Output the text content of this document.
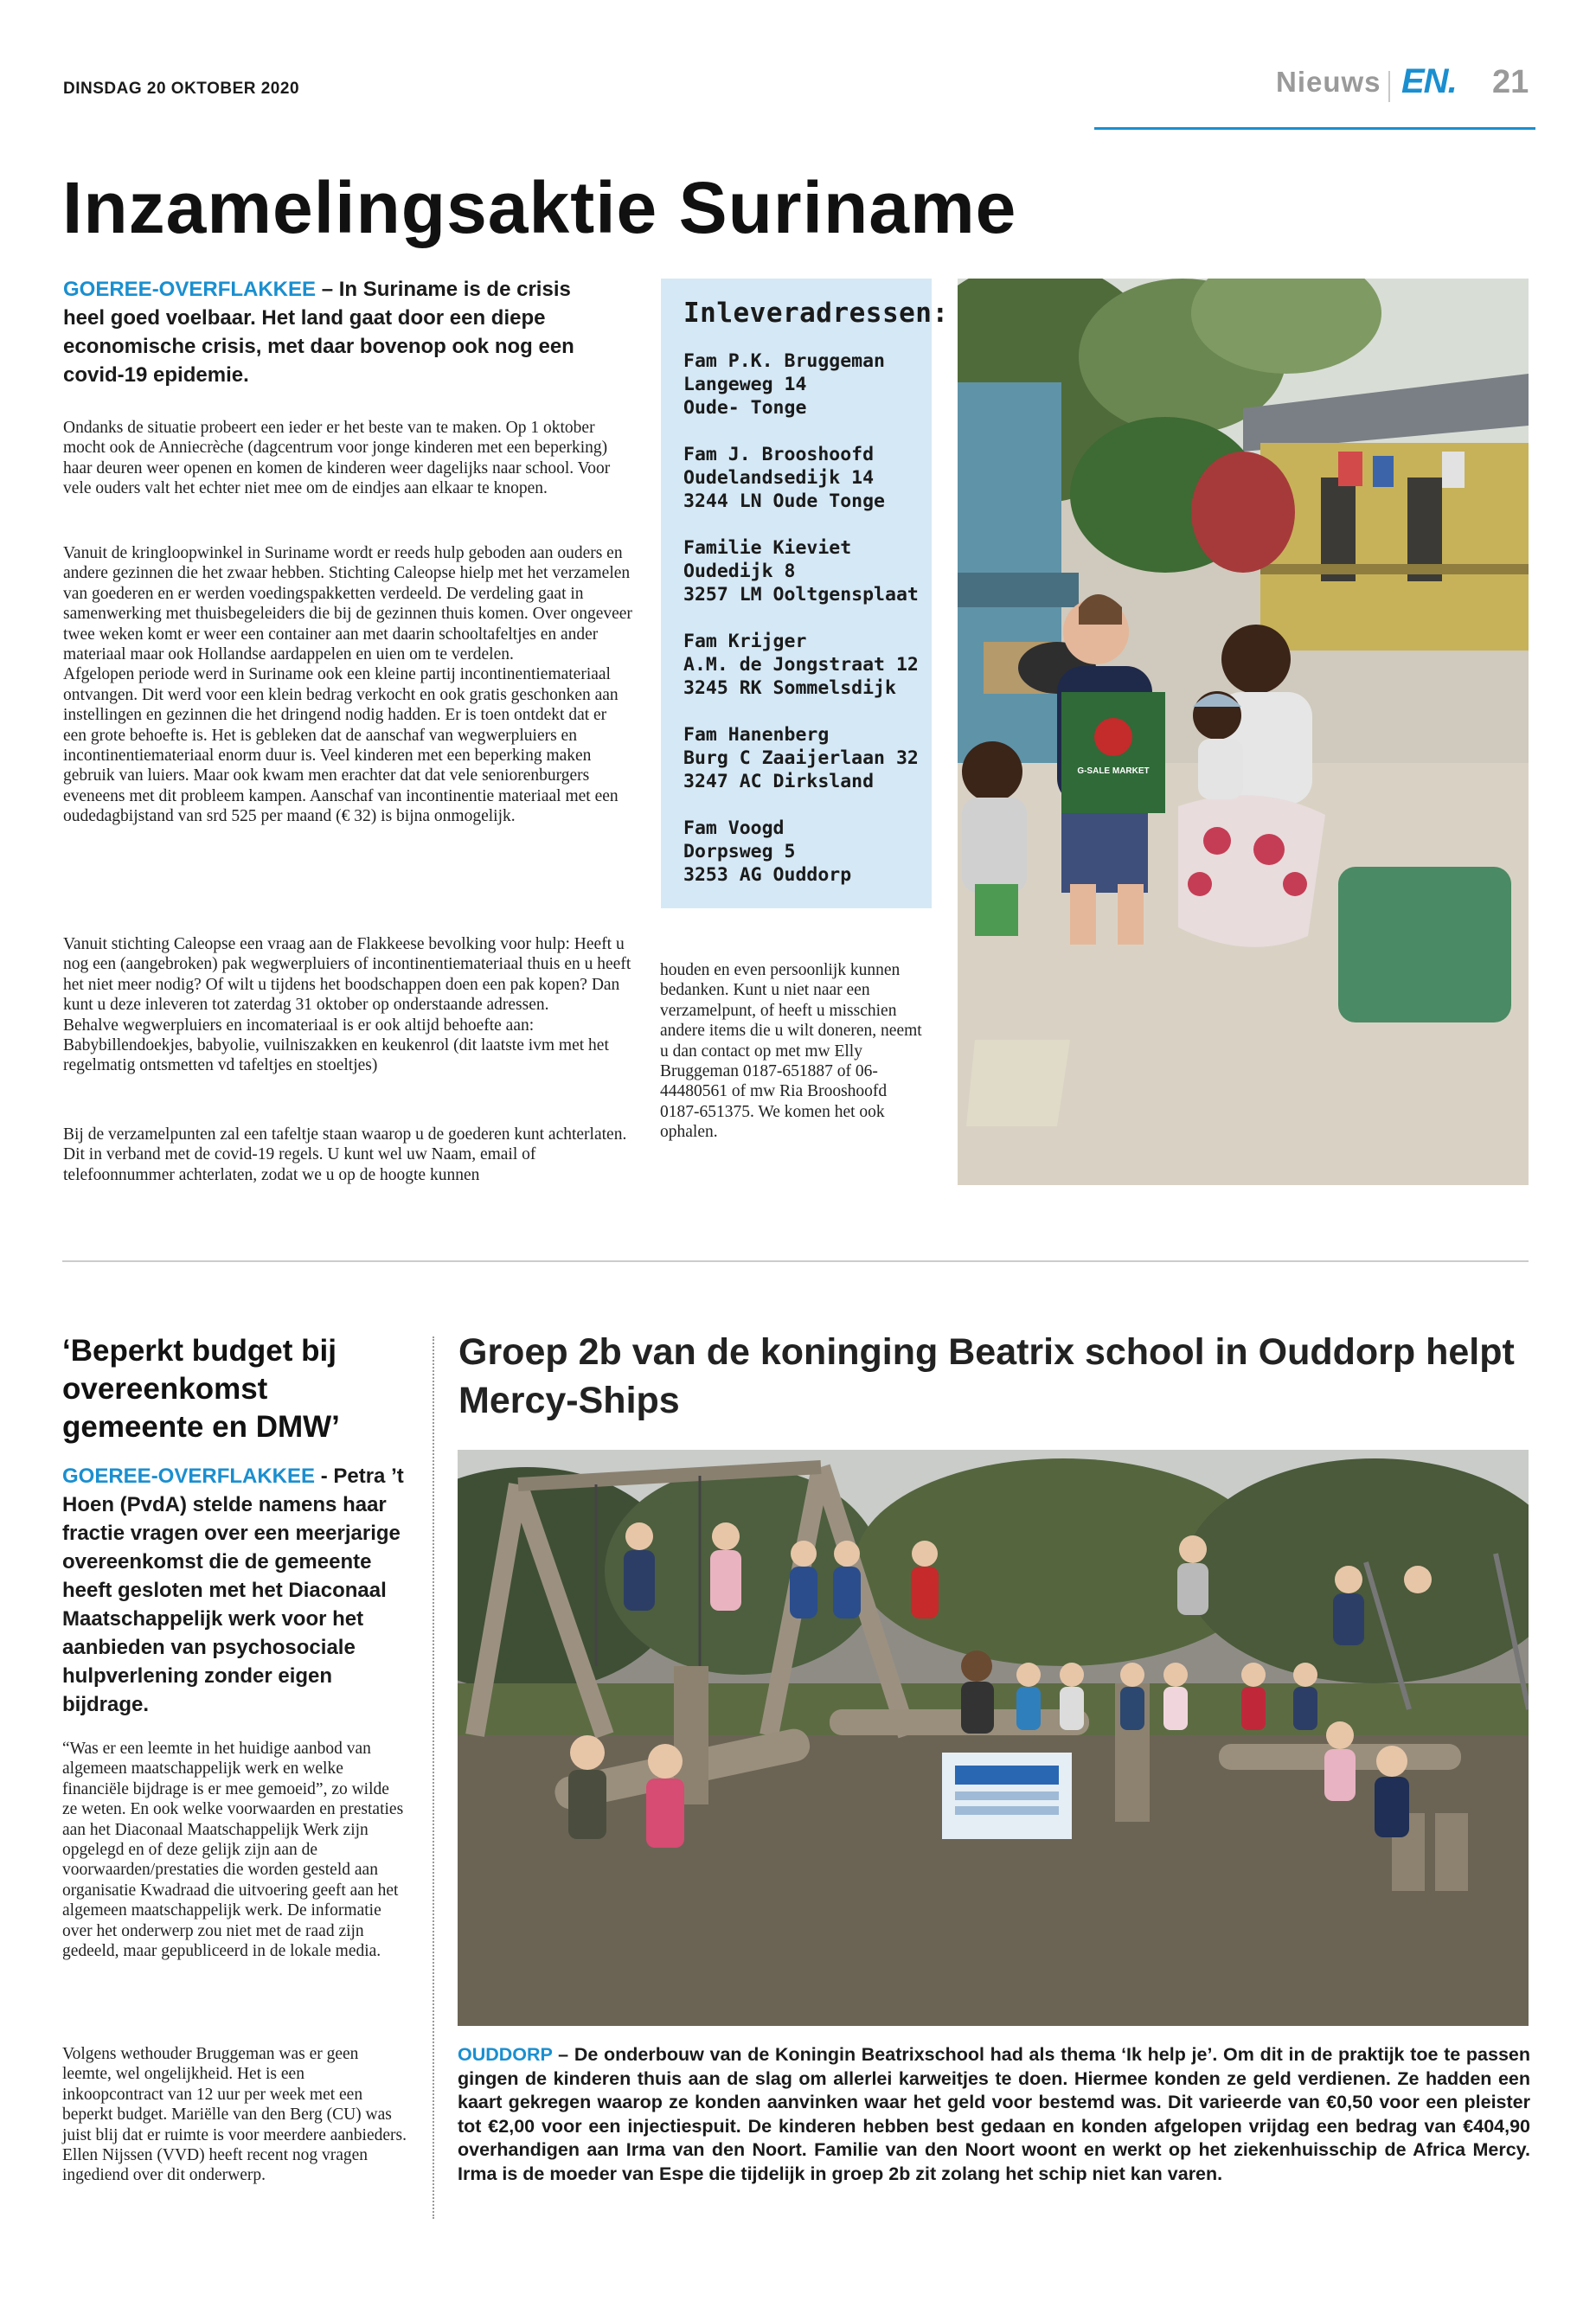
DINSDAG 20 OKTOBER 2020	Nieuws EN. 21
Inzamelingsaktie Suriname
GOEREE-OVERFLAKKEE – In Suriname is de crisis heel goed voelbaar. Het land gaat door een diepe economische crisis, met daar bovenop ook nog een covid-19 epidemie.
Ondanks de situatie probeert een ieder er het beste van te maken. Op 1 oktober mocht ook de Anniecrèche (dagcentrum voor jonge kinderen met een beperking) haar deuren weer openen en komen de kinderen weer dagelijks naar school. Voor vele ouders valt het echter niet mee om de eindjes aan elkaar te knopen.
Vanuit de kringloopwinkel in Suriname wordt er reeds hulp geboden aan ouders en andere gezinnen die het zwaar hebben. Stichting Caleopse hielp met het verzamelen van goederen en er werden voedingspakketten verdeeld. De verdeling gaat in samenwerking met thuisbegeleiders die bij de gezinnen thuis komen. Over ongeveer twee weken komt er weer een container aan met daarin schooltafeltjes en ander materiaal maar ook Hollandse aardappelen en uien om te verdelen.
Afgelopen periode werd in Suriname ook een kleine partij incontinentiemateriaal ontvangen. Dit werd voor een klein bedrag verkocht en ook gratis geschonken aan instellingen en gezinnen die het dringend nodig hadden. Er is toen ontdekt dat er een grote behoefte is. Het is gebleken dat de aanschaf van wegwerpluiers en incontinentiemateriaal enorm duur is. Veel kinderen met een beperking maken gebruik van luiers. Maar ook kwam men erachter dat dat vele seniorenburgers eveneens met dit probleem kampen. Aanschaf van incontinentie materiaal met een oudedagbijstand van srd 525 per maand (€ 32) is bijna onmogelijk.
Vanuit stichting Caleopse een vraag aan de Flakkeese bevolking voor hulp: Heeft u nog een (aangebroken) pak wegwerpluiers of incontinentiemateriaal thuis en u heeft het niet meer nodig? Of wilt u tijdens het boodschappen doen een pak kopen? Dan kunt u deze inleveren tot zaterdag 31 oktober op onderstaande adressen.
Behalve wegwerpluiers en incomateriaal is er ook altijd behoefte aan: Babybillendoekjes, babyolie, vuilniszakken en keukenrol (dit laatste ivm met het regelmatig ontsmetten vd tafeltjes en stoeltjes)
Bij de verzamelpunten zal een tafeltje staan waarop u de goederen kunt achterlaten. Dit in verband met de covid-19 regels. U kunt wel uw Naam, email of telefoonnummer achterlaten, zodat we u op de hoogte kunnen
houden en even persoonlijk kunnen bedanken. Kunt u niet naar een verzamelpunt, of heeft u misschien andere items die u wilt doneren, neemt u dan contact op met mw Elly Bruggeman 0187-651887 of 06-44480561 of mw Ria Brooshoofd 0187-651375. We komen het ook ophalen.
Inleveradressen:
Fam P.K. Bruggeman
Langeweg 14
Oude- Tonge
Fam J. Brooshoofd
Oudelandsedijk 14
3244 LN Oude Tonge
Familie Kieviet
Oudedijk 8
3257 LM Ooltgensplaat
Fam Krijger
A.M. de Jongstraat 12
3245 RK Sommelsdijk
Fam Hanenberg
Burg C Zaaijerlaan 32
3247 AC Dirksland
Fam Voogd
Dorpsweg 5
3253 AG Ouddorp
G-SALE MARKET
‘Beperkt budget bij overeenkomst gemeente en DMW’
GOEREE-OVERFLAKKEE - Petra ’t Hoen (PvdA) stelde namens haar fractie vragen over een meerjarige overeenkomst die de gemeente heeft gesloten met het Diaconaal Maatschappelijk werk voor het aanbieden van psychosociale hulpverlening zonder eigen bijdrage.
“Was er een leemte in het huidige aanbod van algemeen maatschappelijk werk en welke financiële bijdrage is er mee gemoeid”, zo wilde ze weten. En ook welke voorwaarden en prestaties aan het Diaconaal Maatschappelijk Werk zijn opgelegd en of deze gelijk zijn aan de voorwaarden/prestaties die worden gesteld aan organisatie Kwadraad die uitvoering geeft aan het algemeen maatschappelijk werk. De informatie over het onderwerp zou niet met de raad zijn gedeeld, maar gepubliceerd in de lokale media.
Volgens wethouder Bruggeman was er geen leemte, wel ongelijkheid. Het is een inkoopcontract van 12 uur per week met een beperkt budget. Mariëlle van den Berg (CU) was juist blij dat er ruimte is voor meerdere aanbieders. Ellen Nijssen (VVD) heeft recent nog vragen ingediend over dit onderwerp.
Groep 2b van de koninging Beatrix school in Ouddorp helpt Mercy-Ships
OUDDORP – De onderbouw van de Koningin Beatrixschool had als thema ‘Ik help je’. Om dit in de praktijk toe te passen gingen de kinderen thuis aan de slag om allerlei karweitjes te doen. Hiermee konden ze geld verdienen. Ze hadden een kaart gekregen waarop ze konden aanvinken waar het geld voor bestemd was. Dit varieerde van €0,50 voor een pleister tot €2,00 voor een injectiespuit. De kinderen hebben best gedaan en konden afgelopen vrijdag een bedrag van €404,90 overhandigen aan Irma van den Noort. Familie van den Noort woont en werkt op het ziekenhuisschip de Africa Mercy. Irma is de moeder van Espe die tijdelijk in groep 2b zit zolang het schip niet kan varen.
